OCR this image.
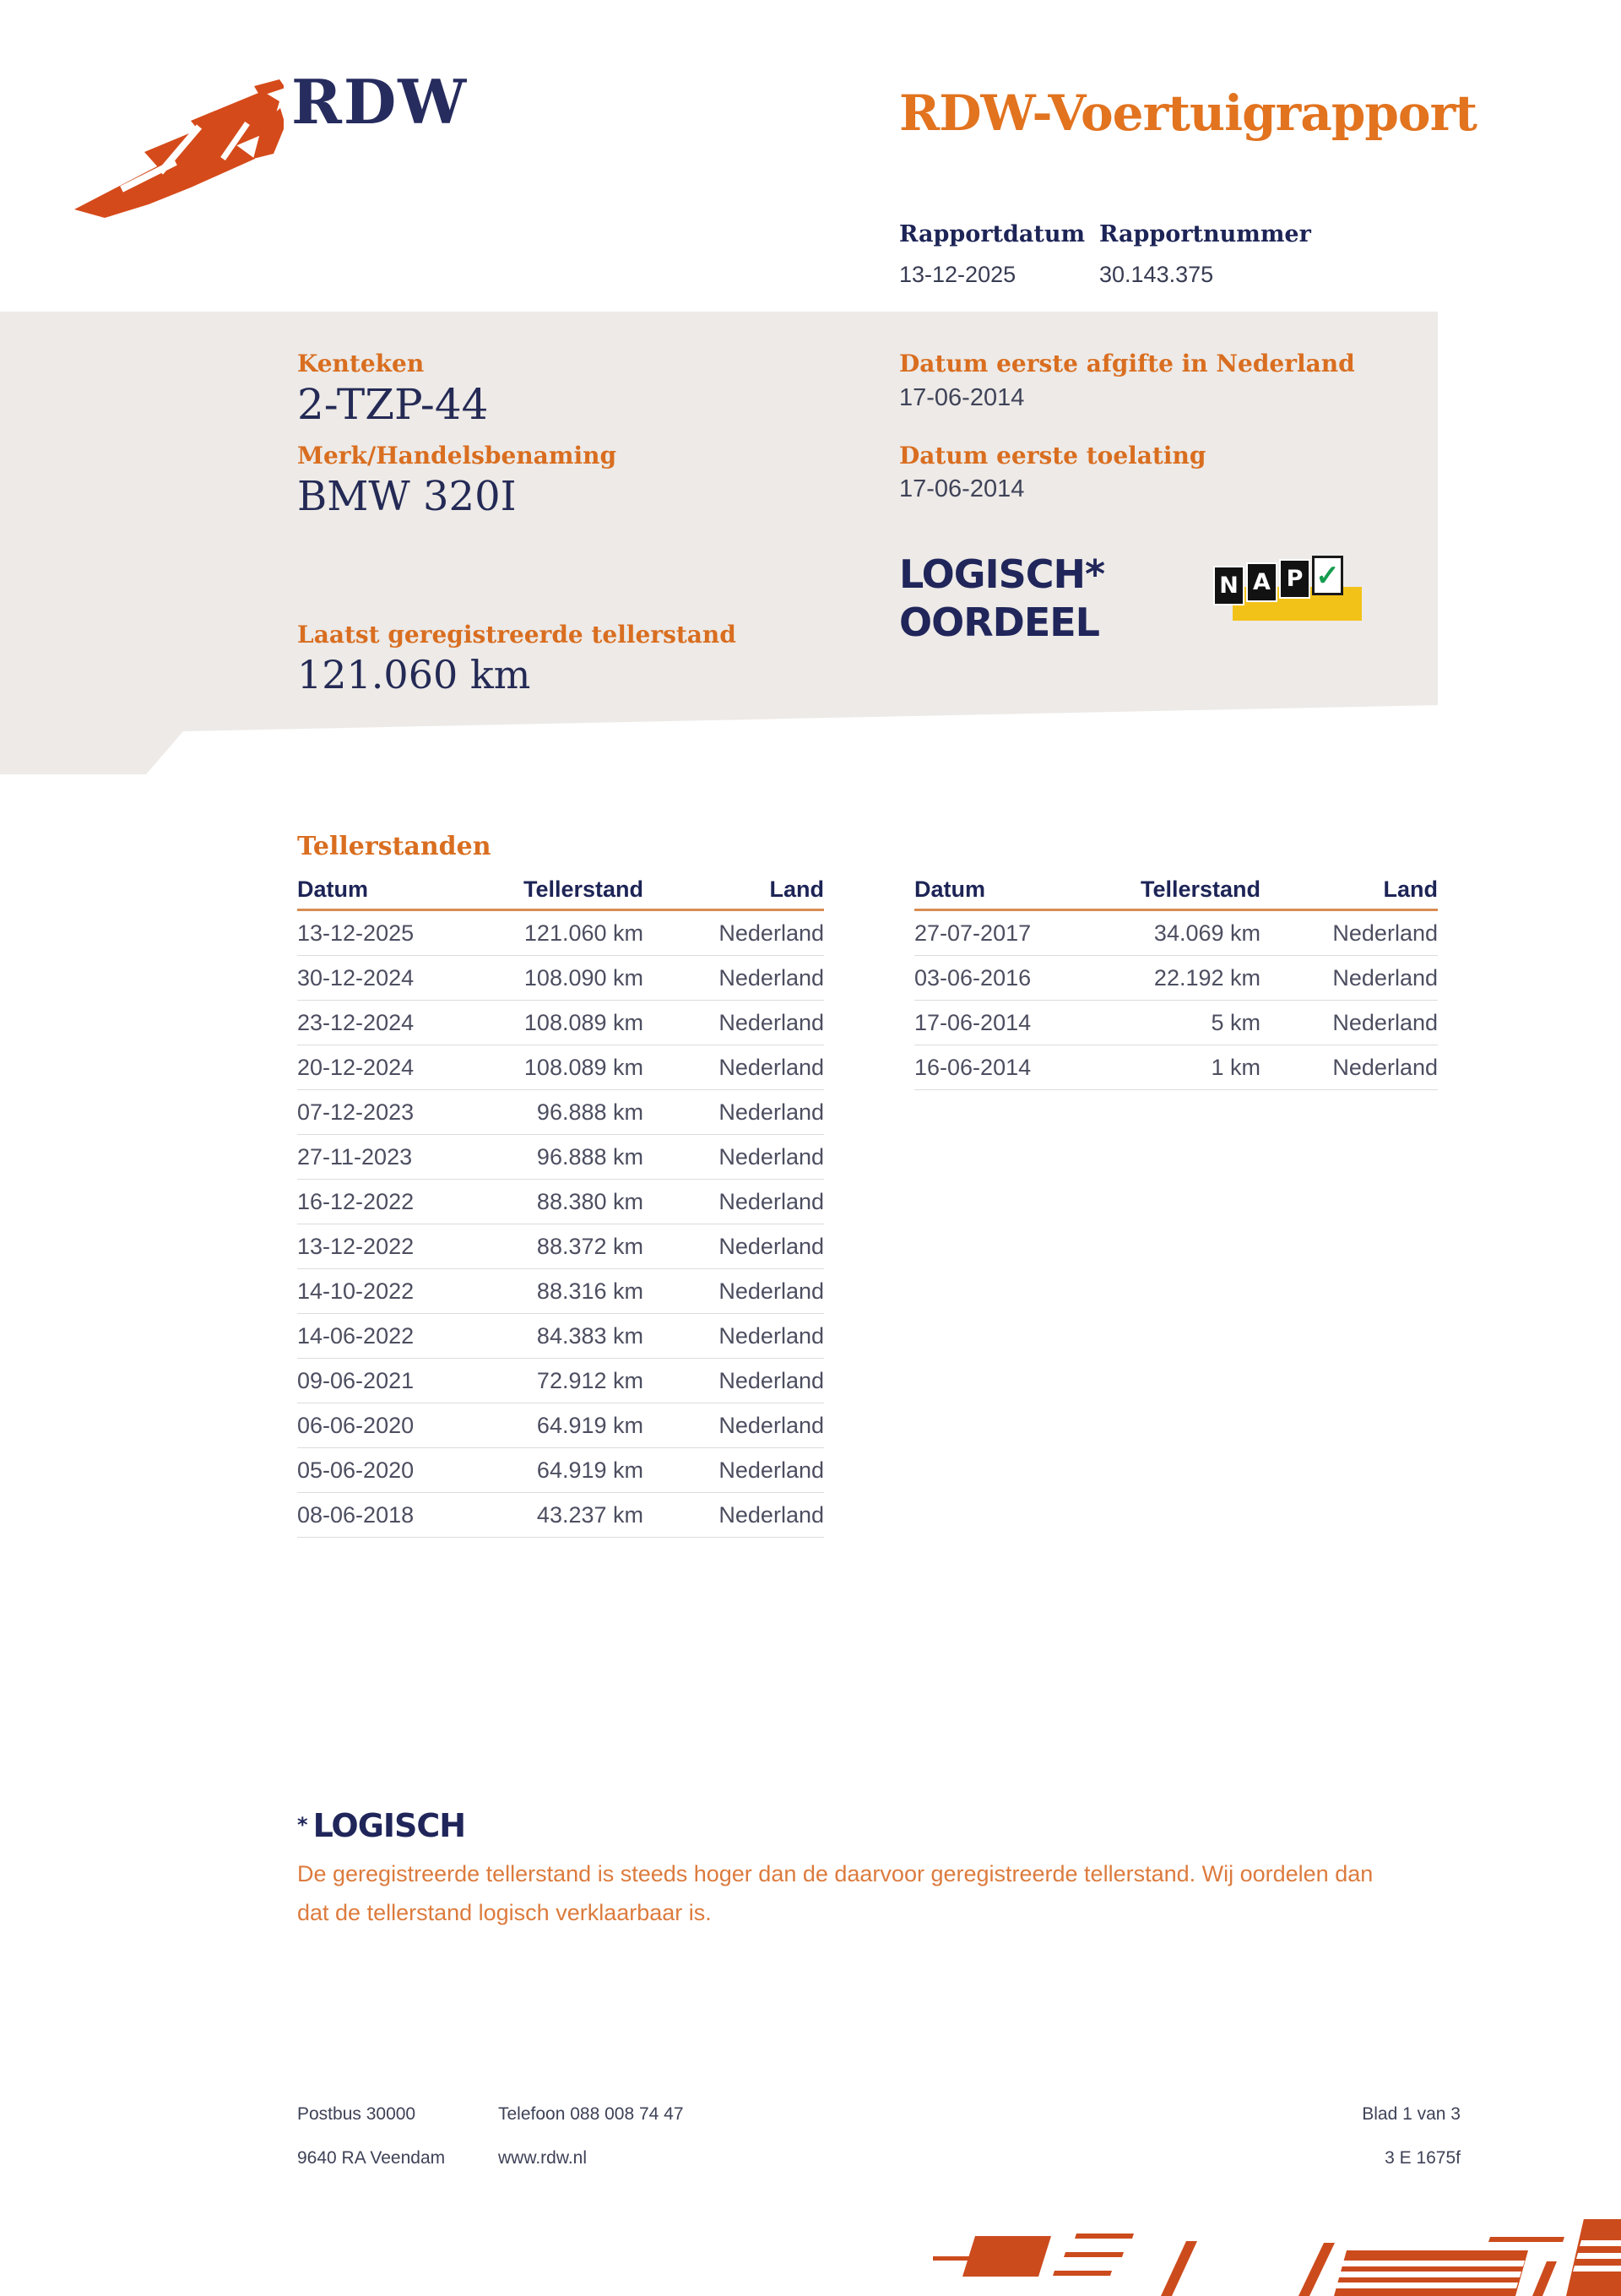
RDW	RDW-Voertuigrapport
Rapportdatum Rapportnummer
13-12-2025	30.143.375
Kenteken
2-TZP-44
Merk/Handelsbenaming
BMW 320I
Laatst geregistreerde tellerstand
121.060 km
Datum eerste afgifte in Nederland
17-06-2014
Datum eerste toelating
17-06-2014
LOGISCH*
OORDEEL
N A P ✓
Tellerstanden
Datum	Tellerstand	Land
13-12-2025	121.060 km	Nederland
30-12-2024	108.090 km	Nederland
23-12-2024	108.089 km	Nederland
20-12-2024	108.089 km	Nederland
07-12-2023	96.888 km	Nederland
27-11-2023	96.888 km	Nederland
16-12-2022	88.380 km	Nederland
13-12-2022	88.372 km	Nederland
14-10-2022	88.316 km	Nederland
14-06-2022	84.383 km	Nederland
09-06-2021	72.912 km	Nederland
06-06-2020	64.919 km	Nederland
05-06-2020	64.919 km	Nederland
08-06-2018	43.237 km	Nederland
Datum	Tellerstand	Land
27-07-2017	34.069 km	Nederland
03-06-2016	22.192 km	Nederland
17-06-2014	5 km	Nederland
16-06-2014	1 km	Nederland
* LOGISCH
De geregistreerde tellerstand is steeds hoger dan de daarvoor geregistreerde tellerstand. Wij oordelen dan
dat de tellerstand logisch verklaarbaar is.
Postbus 30000
9640 RA Veendam
Telefoon 088 008 74 47
www.rdw.nl
Blad 1 van 3
3 E 1675f
